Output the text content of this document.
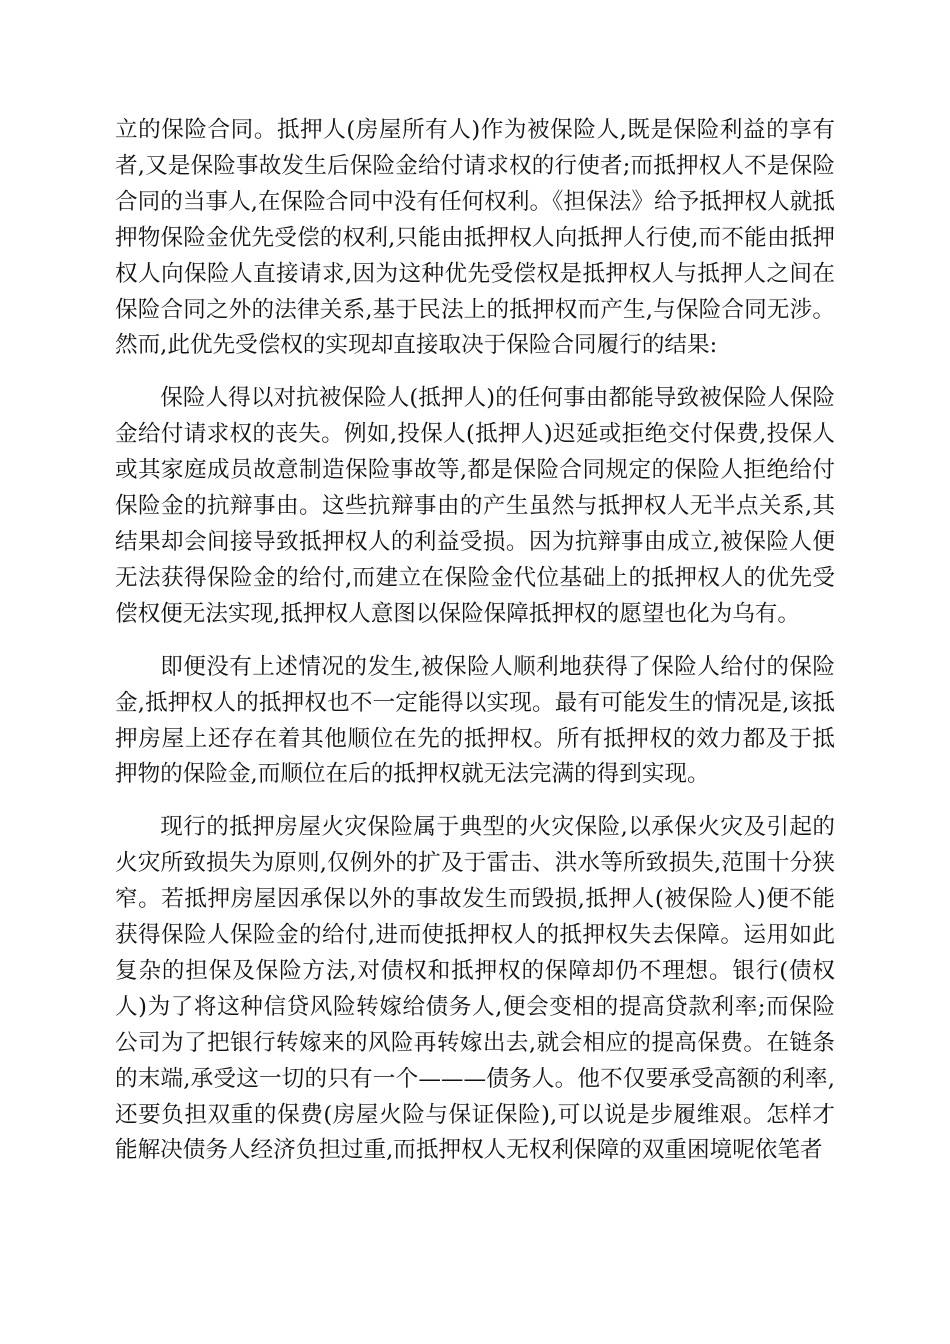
立的保险合同。抵押人(房屋所有人)作为被保险人,既是保险利益的享有者,又是保险事故发生后保险金给付请求权的行使者;而抵押权人不是保险合同的当事人,在保险合同中没有任何权利。《担保法》给予抵押权人就抵押物保险金优先受偿的权利,只能由抵押权人向抵押人行使,而不能由抵押权人向保险人直接请求,因为这种优先受偿权是抵押权人与抵押人之间在保险合同之外的法律关系,基于民法上的抵押权而产生,与保险合同无涉。然而,此优先受偿权的实现却直接取决于保险合同履行的结果:

保险人得以对抗被保险人(抵押人)的任何事由都能导致被保险人保险金给付请求权的丧失。例如,投保人(抵押人)迟延或拒绝交付保费,投保人或其家庭成员故意制造保险事故等,都是保险合同规定的保险人拒绝给付保险金的抗辩事由。这些抗辩事由的产生虽然与抵押权人无半点关系,其结果却会间接导致抵押权人的利益受损。因为抗辩事由成立,被保险人便无法获得保险金的给付,而建立在保险金代位基础上的抵押权人的优先受偿权便无法实现,抵押权人意图以保险保障抵押权的愿望也化为乌有。

即便没有上述情况的发生,被保险人顺利地获得了保险人给付的保险金,抵押权人的抵押权也不一定能得以实现。最有可能发生的情况是,该抵押房屋上还存在着其他顺位在先的抵押权。所有抵押权的效力都及于抵押物的保险金,而顺位在后的抵押权就无法完满的得到实现。

现行的抵押房屋火灾保险属于典型的火灾保险,以承保火灾及引起的火灾所致损失为原则,仅例外的扩及于雷击、洪水等所致损失,范围十分狭窄。若抵押房屋因承保以外的事故发生而毁损,抵押人(被保险人)便不能获得保险人保险金的给付,进而使抵押权人的抵押权失去保障。运用如此复杂的担保及保险方法,对债权和抵押权的保障却仍不理想。银行(债权人)为了将这种信贷风险转嫁给债务人,便会变相的提高贷款利率;而保险公司为了把银行转嫁来的风险再转嫁出去,就会相应的提高保费。在链条的末端,承受这一切的只有一个———债务人。他不仅要承受高额的利率,还要负担双重的保费(房屋火险与保证保险),可以说是步履维艰。怎样才能解决债务人经济负担过重,而抵押权人无权利保障的双重困境呢依笔者
